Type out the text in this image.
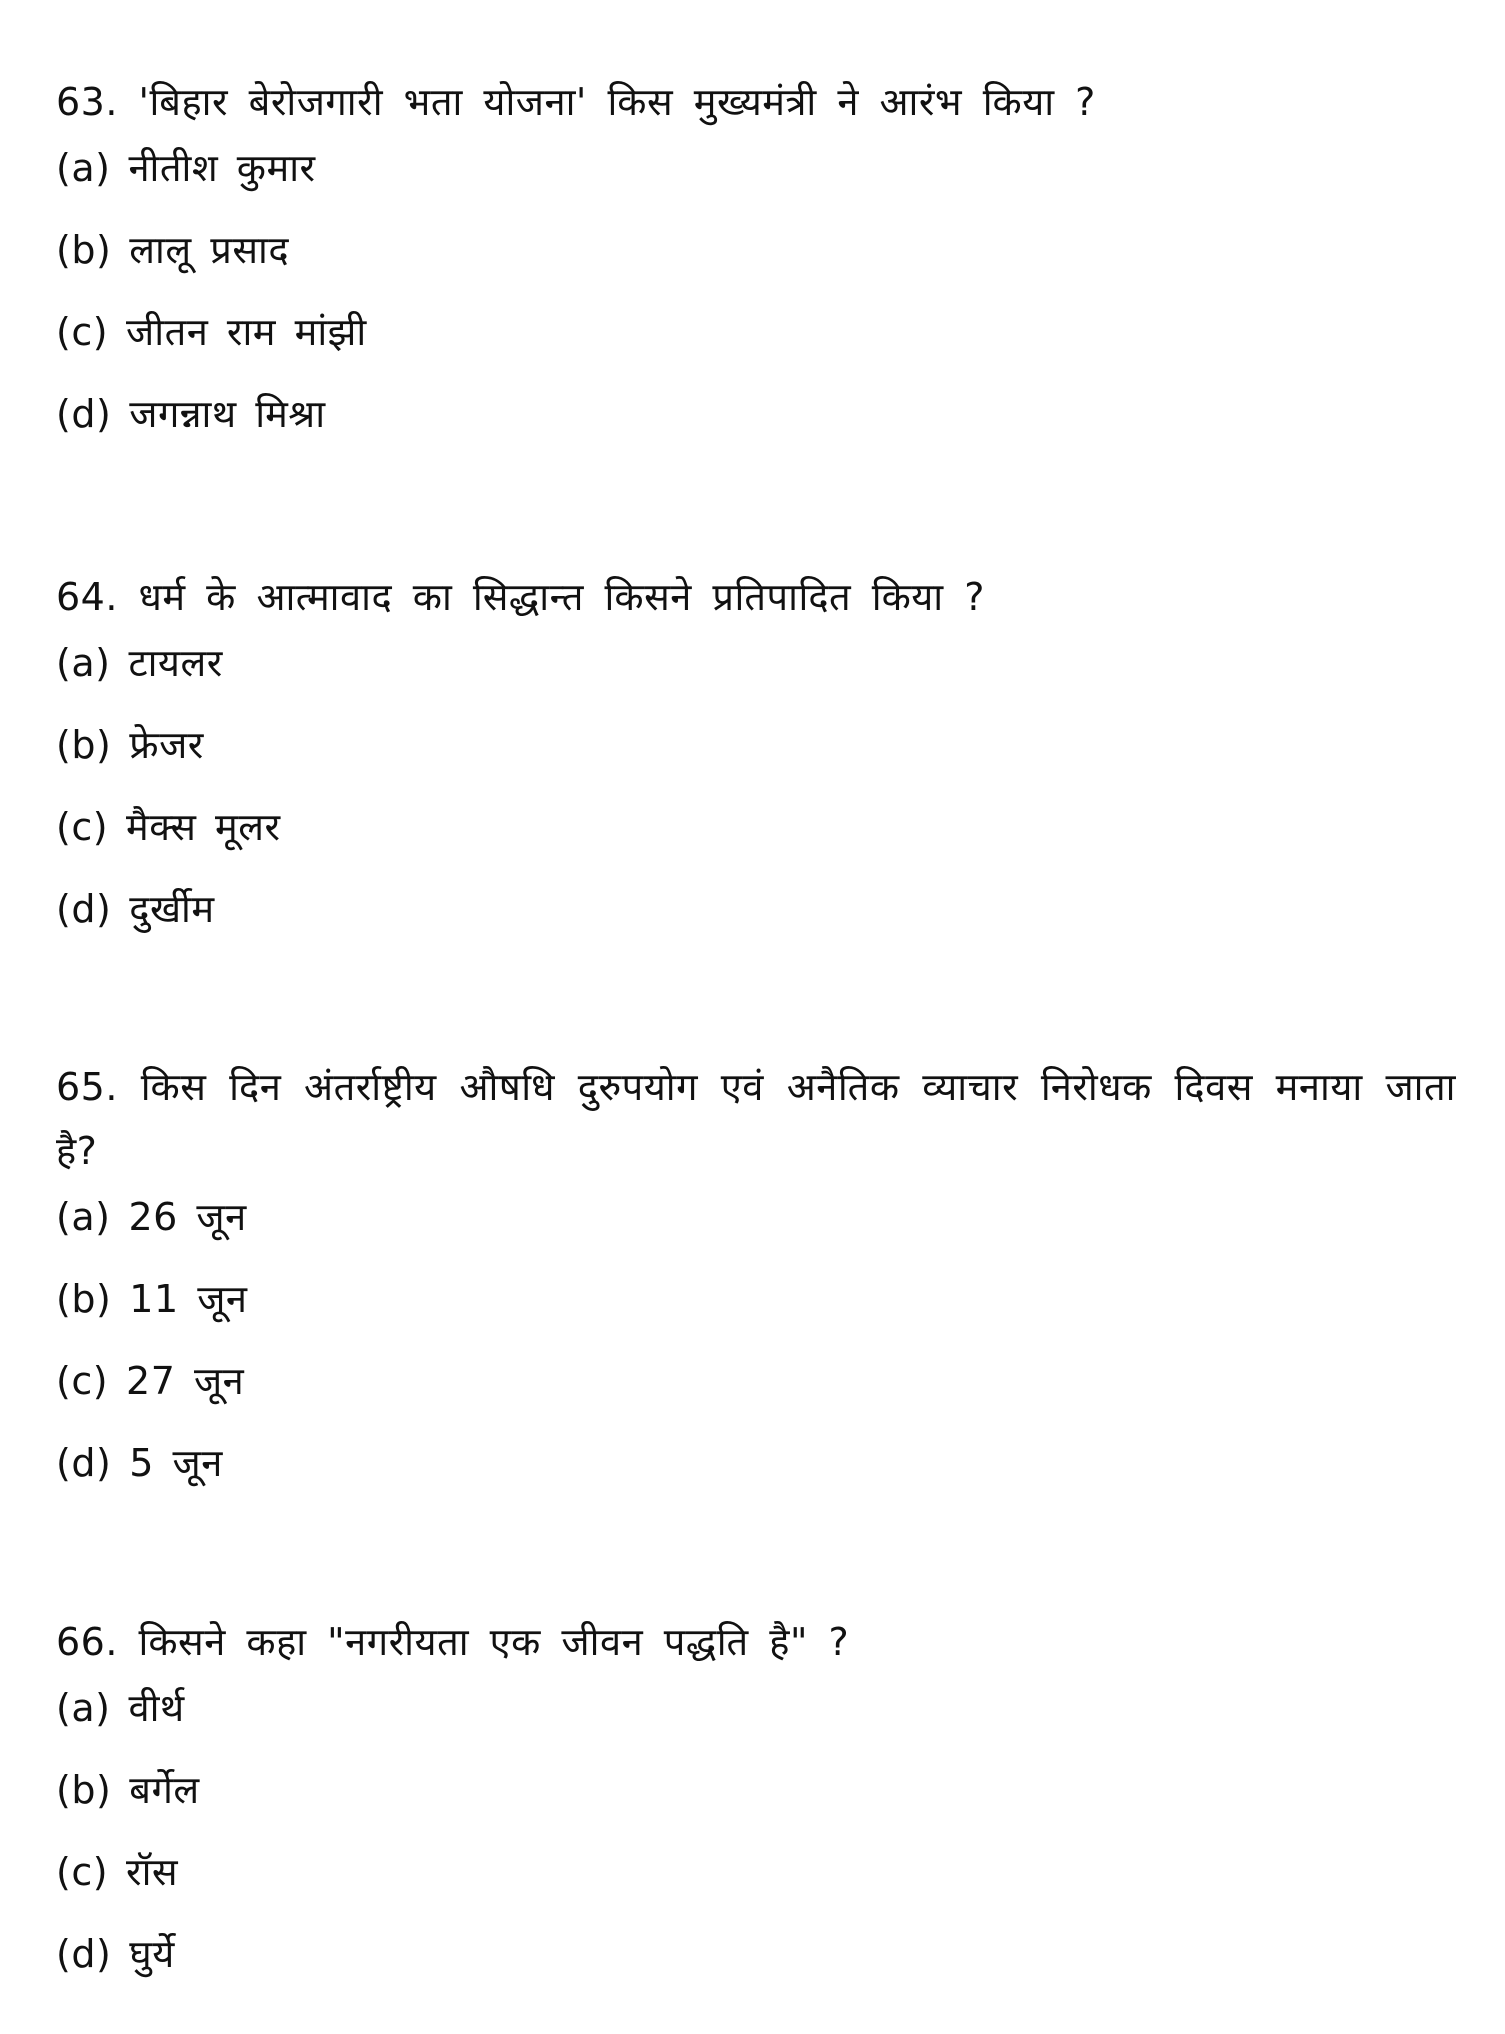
63. 'बिहार बेरोजगारी भता योजना' किस मुख्यमंत्री ने आरंभ किया ?

(a) नीतीश कुमार
(b) लालू प्रसाद
(c) जीतन राम मांझी
(d) जगन्नाथ मिश्रा

64. धर्म के आत्मावाद का सिद्धान्त किसने प्रतिपादित किया ?

(a) टायलर
(b) फ्रेजर
(c) मैक्स मूलर
(d) दुर्खीम

65. किस दिन अंतर्राष्ट्रीय औषधि दुरुपयोग एवं अनैतिक व्याचार निरोधक दिवस मनाया जाता है?

(a) 26 जून
(b) 11 जून
(c) 27 जून
(d) 5 जून

66. किसने कहा "नगरीयता एक जीवन पद्धति है" ?

(a) वीर्थ
(b) बर्गेल
(c) रॉस
(d) घुर्ये
